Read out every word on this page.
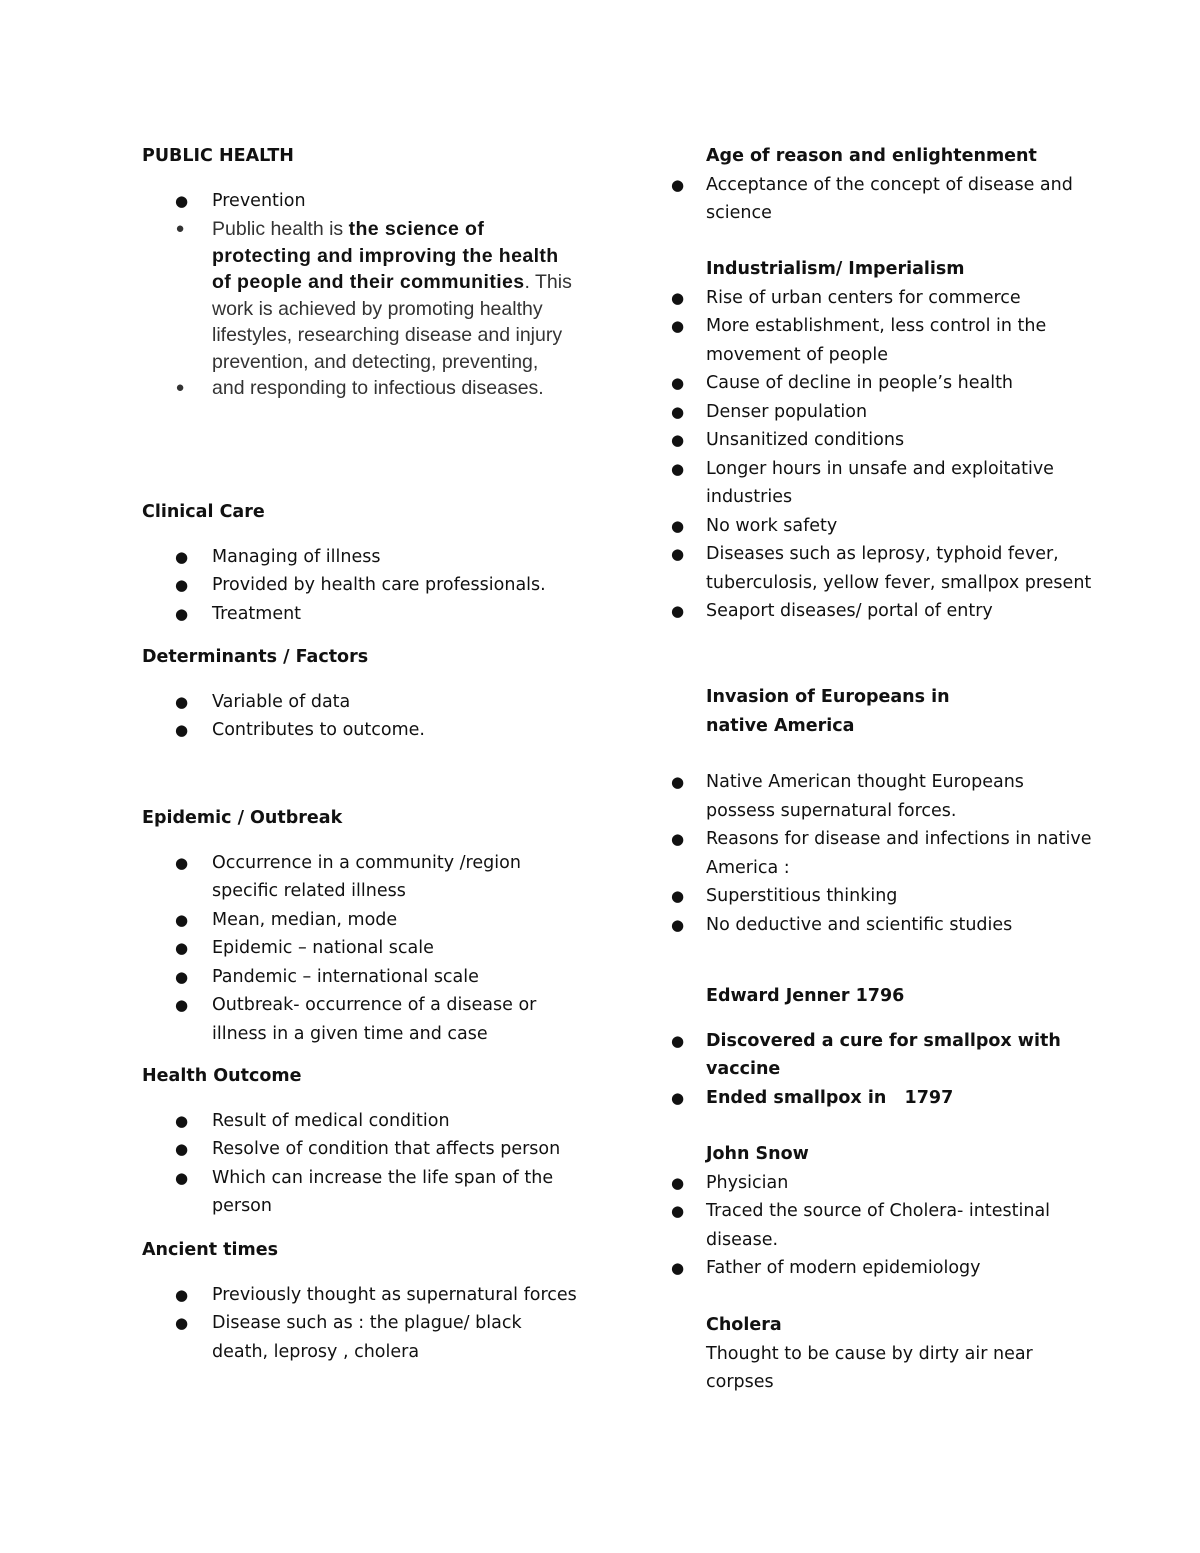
PUBLIC HEALTH

● Prevention
● Public health is the science of protecting and improving the health of people and their communities. This work is achieved by promoting healthy lifestyles, researching disease and injury prevention, and detecting, preventing,
● and responding to infectious diseases.

Clinical Care

● Managing of illness
● Provided by health care professionals.
● Treatment

Determinants / Factors

● Variable of data
● Contributes to outcome.

Epidemic / Outbreak

● Occurrence in a community /region specific related illness
● Mean, median, mode
● Epidemic – national scale
● Pandemic – international scale
● Outbreak- occurrence of a disease or illness in a given time and case

Health Outcome

● Result of medical condition
● Resolve of condition that affects person
● Which can increase the life span of the person

Ancient times

● Previously thought as supernatural forces
● Disease such as : the plague/ black death, leprosy , cholera

Age of reason and enlightenment

● Acceptance of the concept of disease and science

Industrialism/ Imperialism

● Rise of urban centers for commerce
● More establishment, less control in the movement of people
● Cause of decline in people’s health
● Denser population
● Unsanitized conditions
● Longer hours in unsafe and exploitative industries
● No work safety
● Diseases such as leprosy, typhoid fever, tuberculosis, yellow fever, smallpox present
● Seaport diseases/ portal of entry

Invasion of Europeans in native America

● Native American thought Europeans possess supernatural forces.
● Reasons for disease and infections in native America :
● Superstitious thinking
● No deductive and scientific studies

Edward Jenner 1796

● Discovered a cure for smallpox with vaccine
● Ended smallpox in   1797

John Snow

● Physician
● Traced the source of Cholera- intestinal disease.
● Father of modern epidemiology

Cholera

Thought to be cause by dirty air near corpses
